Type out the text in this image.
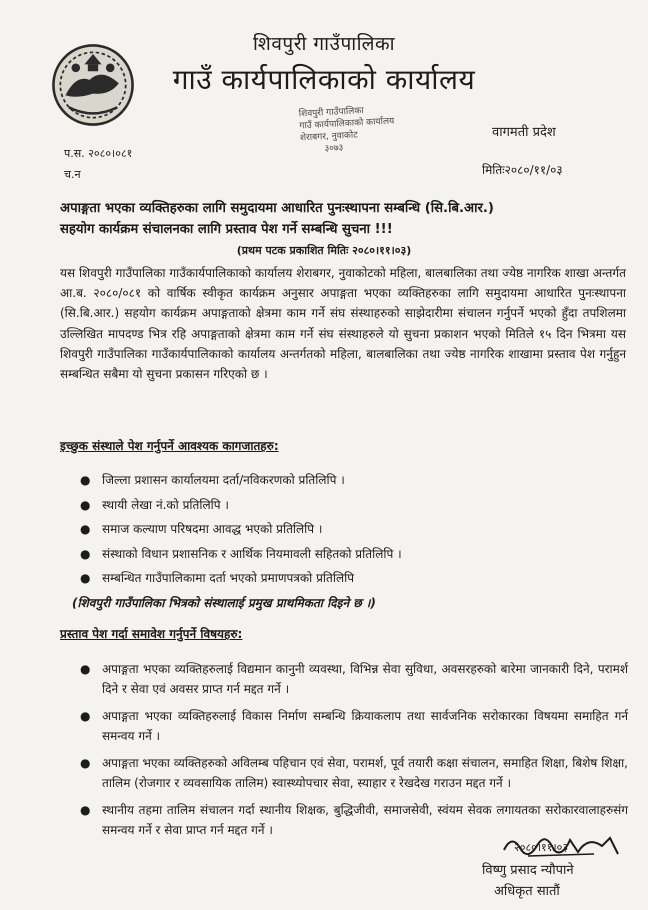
शिवपुरी गाउँपालिका
गाउँ कार्यपालिकाको कार्यालय
वागमती प्रदेश
शिवपुरी गाउँपालिका
गाउँ कार्यपालिकाको कार्यालय
शेराबगर, नुवाकोट
३०७३
प.स. २०८०।०८१
च.न	मितिः२०८०/११/०३
अपाङ्गता भएका व्यक्तिहरुका लागि समुदायमा आधारित पुनःस्थापना सम्बन्धि (सि.बि.आर.)
सहयोग कार्यक्रम संचालनका लागि प्रस्ताव पेश गर्ने सम्बन्धि सुचना !!!
(प्रथम पटक प्रकाशित मितिः २०८०।११।०३)
यस शिवपुरी गाउँपालिका गाउँकार्यपालिकाको कार्यालय शेराबगर, नुवाकोटको महिला, बालबालिका तथा ज्येष्ठ नागरिक शाखा अन्तर्गत आ.ब. २०८०/०८१ को वार्षिक स्वीकृत कार्यक्रम अनुसार अपाङ्गता भएका व्यक्तिहरुका लागि समुदायमा आधारित पुनःस्थापना (सि.बि.आर.) सहयोग कार्यक्रम अपाङ्गताको क्षेत्रमा काम गर्ने संघ संस्थाहरुको साझेदारीमा संचालन गर्नुपर्ने भएको हुँदा तपशिलमा उल्लिखित मापदण्ड भित्र रहि अपाङ्गताको क्षेत्रमा काम गर्ने संघ संस्थाहरुले यो सुचना प्रकाशन भएको मितिले १५ दिन भित्रमा यस शिवपुरी गाउँपालिका गाउँकार्यपालिकाको कार्यालय अन्तर्गतको महिला, बालबालिका तथा ज्येष्ठ नागरिक शाखामा प्रस्ताव पेश गर्नुहुन सम्बन्धित सबैमा यो सुचना प्रकासन गरिएको छ ।
इच्छुक संस्थाले पेश गर्नुपर्ने आवश्यक कागजातहरु:
● जिल्ला प्रशासन कार्यालयमा दर्ता/नविकरणको प्रतिलिपि ।
● स्थायी लेखा नं.को प्रतिलिपि ।
● समाज कल्याण परिषदमा आवद्ध भएको प्रतिलिपि ।
● संस्थाको विधान प्रशासनिक र आर्थिक नियमावली सहितको प्रतिलिपि ।
● सम्बन्धित गाउँपालिकामा दर्ता भएको प्रमाणपत्रको प्रतिलिपि
(शिवपुरी गाउँपालिका भित्रको संस्थालाई प्रमुख प्राथमिकता दिइने छ ।)
प्रस्ताव पेश गर्दा समावेश गर्नुपर्ने विषयहरु:
● अपाङ्गता भएका व्यक्तिहरुलाई विद्यमान कानुनी व्यवस्था, विभिन्न सेवा सुविधा, अवसरहरुको बारेमा जानकारी दिने, परामर्श दिने र सेवा एवं अवसर प्राप्त गर्न मद्दत गर्ने ।
● अपाङ्गता भएका व्यक्तिहरुलाई विकास निर्माण सम्बन्धि क्रियाकलाप तथा सार्वजनिक सरोकारका विषयमा समाहित गर्न समन्वय गर्ने ।
● अपाङ्गता भएका व्यक्तिहरुको अविलम्ब पहिचान एवं सेवा, परामर्श, पूर्व तयारी कक्षा संचालन, समाहित शिक्षा, बिशेष शिक्षा, तालिम (रोजगार र व्यवसायिक तालिम) स्वास्थ्योपचार सेवा, स्याहार र रेखदेख गराउन मद्दत गर्ने ।
● स्थानीय तहमा तालिम संचालन गर्दा स्थानीय शिक्षक, बुद्धिजीवी, समाजसेवी, स्वंयम सेवक लगायतका सरोकारवालाहरुसंग समन्वय गर्ने र सेवा प्राप्त गर्न मद्दत गर्ने ।
२०८०।११।०३
विष्णु प्रसाद न्यौपाने
अधिकृत सातौं
